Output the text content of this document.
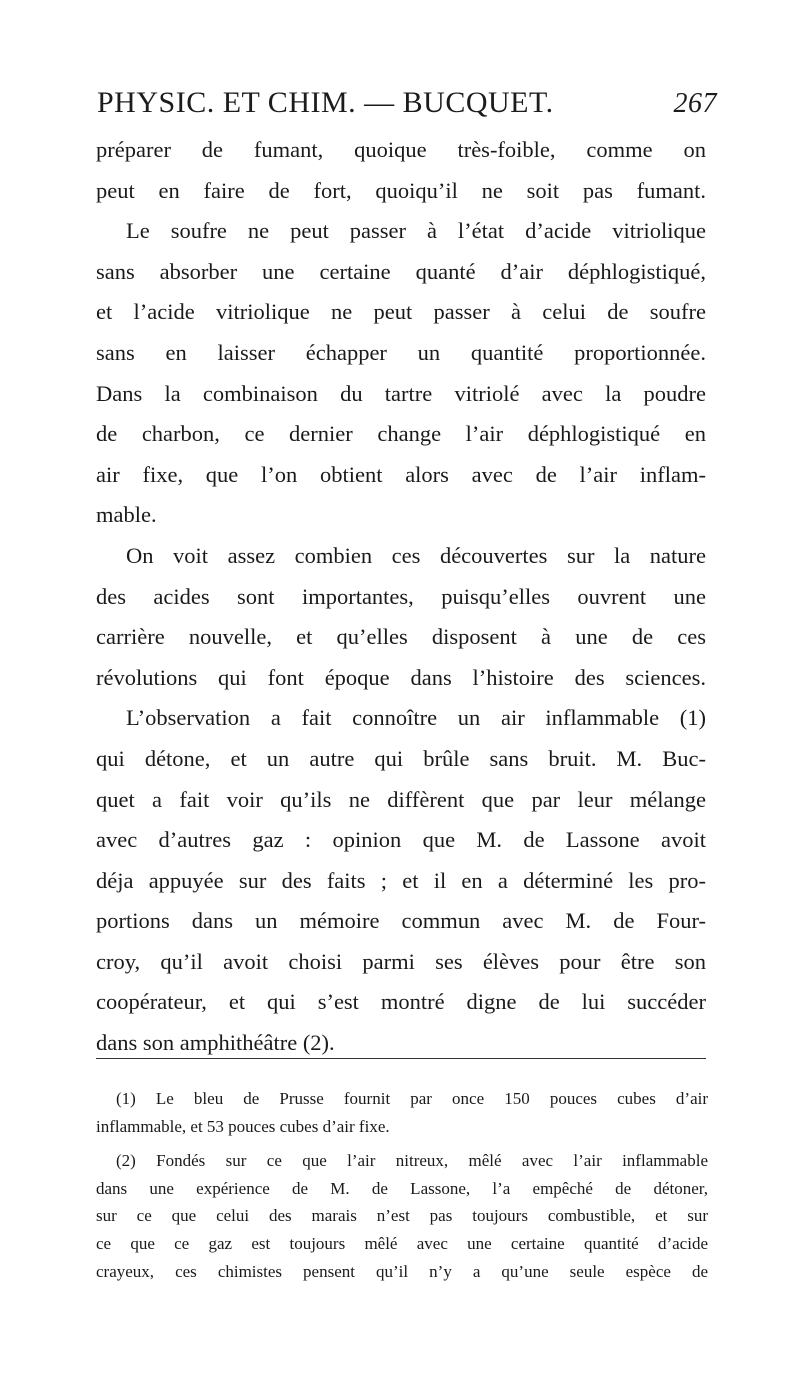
PHYSIC. ET CHIM. — BUCQUET.	267
préparer de fumant, quoique très-foible, comme on
peut en faire de fort, quoiqu’il ne soit pas fumant.
Le soufre ne peut passer à l’état d’acide vitriolique
sans absorber une certaine quanté d’air déphlogistiqué,
et l’acide vitriolique ne peut passer à celui de soufre
sans en laisser échapper un quantité proportionnée.
Dans la combinaison du tartre vitriolé avec la poudre
de charbon, ce dernier change l’air déphlogistiqué en
air fixe, que l’on obtient alors avec de l’air inflam-
mable.
On voit assez combien ces découvertes sur la nature
des acides sont importantes, puisqu’elles ouvrent une
carrière nouvelle, et qu’elles disposent à une de ces
révolutions qui font époque dans l’histoire des sciences.
L’observation a fait connoître un air inflammable (1)
qui détone, et un autre qui brûle sans bruit. M. Buc-
quet a fait voir qu’ils ne diffèrent que par leur mélange
avec d’autres gaz : opinion que M. de Lassone avoit
déja appuyée sur des faits ; et il en a déterminé les pro-
portions dans un mémoire commun avec M. de Four-
croy, qu’il avoit choisi parmi ses élèves pour être son
coopérateur, et qui s’est montré digne de lui succéder
dans son amphithéâtre (2).
(1) Le bleu de Prusse fournit par once 150 pouces cubes d’air
inflammable, et 53 pouces cubes d’air fixe.
(2) Fondés sur ce que l’air nitreux, mêlé avec l’air inflammable
dans une expérience de M. de Lassone, l’a empêché de détoner,
sur ce que celui des marais n’est pas toujours combustible, et sur
ce que ce gaz est toujours mêlé avec une certaine quantité d’acide
crayeux, ces chimistes pensent qu’il n’y a qu’une seule espèce de
